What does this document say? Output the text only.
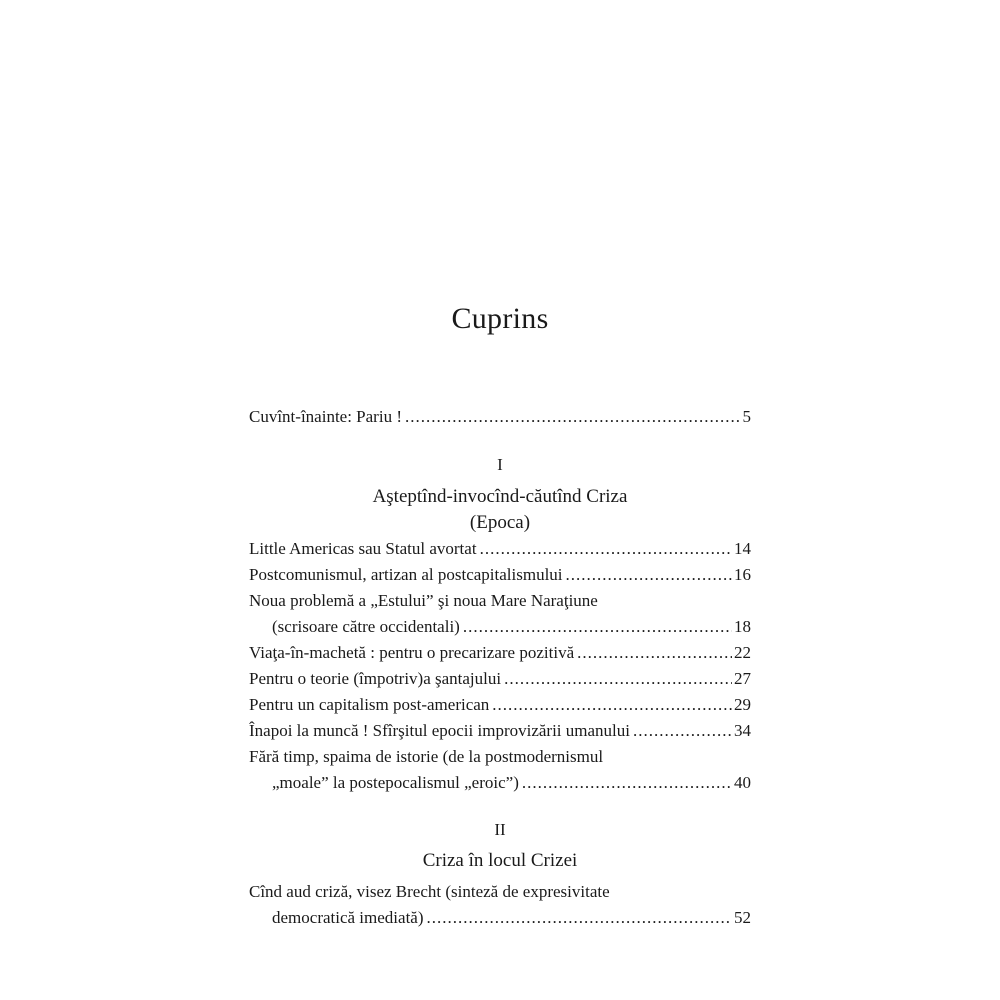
Cuprins
Cuvînt-înainte: Pariu ! .....	5
I
Aşteptînd-invocînd-căutînd Criza
(Epoca)
Little Americas sau Statul avortat .....	14
Postcomunismul, artizan al postcapitalismului .....	16
Noua problemă a „Estului” şi noua Mare Naraţiune
(scrisoare către occidentali) .....	18
Viaţa-în-machetă : pentru o precarizare pozitivă .....	22
Pentru o teorie (împotriv)a şantajului .....	27
Pentru un capitalism post-american .....	29
Înapoi la muncă ! Sfîrşitul epocii improvizării umanului .....	34
Fără timp, spaima de istorie (de la postmodernismul
„moale” la postepocalismul „eroic”) .....	40
II
Criza în locul Crizei
Cînd aud criză, visez Brecht (sinteză de expresivitate
democratică imediată) .....	52
